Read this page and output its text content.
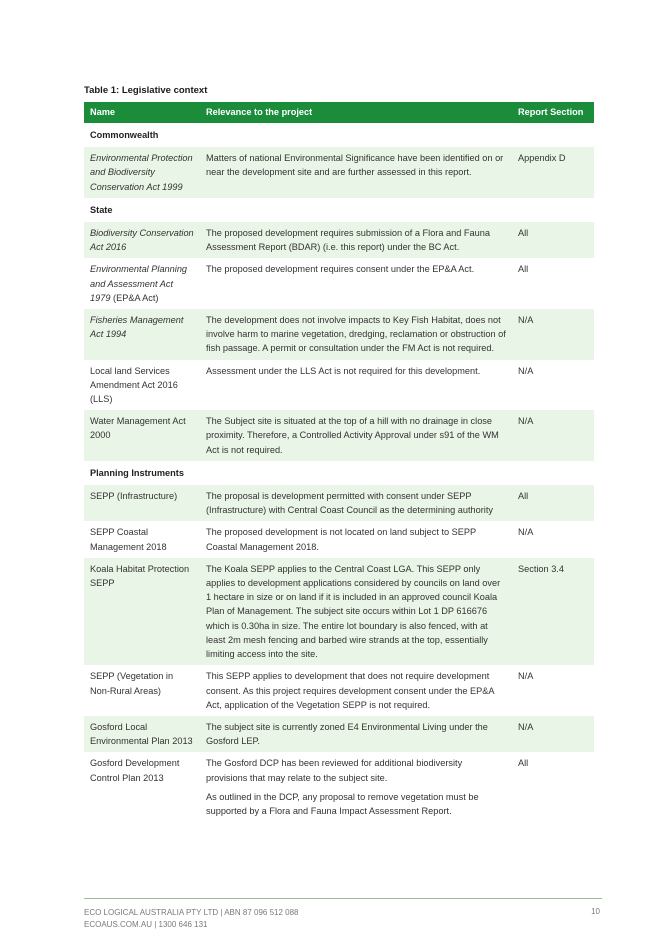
Table 1: Legislative context
Name	Relevance to the project	Report Section
Commonwealth		
Environmental Protection and Biodiversity Conservation Act 1999	Matters of national Environmental Significance have been identified on or near the development site and are further assessed in this report.	Appendix D
State		
Biodiversity Conservation Act 2016	The proposed development requires submission of a Flora and Fauna Assessment Report (BDAR) (i.e. this report) under the BC Act.	All
Environmental Planning and Assessment Act 1979 (EP&A Act)	The proposed development requires consent under the EP&A Act.	All
Fisheries Management Act 1994	The development does not involve impacts to Key Fish Habitat, does not involve harm to marine vegetation, dredging, reclamation or obstruction of fish passage. A permit or consultation under the FM Act is not required.	N/A
Local land Services Amendment Act 2016 (LLS)	Assessment under the LLS Act is not required for this development.	N/A
Water Management Act 2000	The Subject site is situated at the top of a hill with no drainage in close proximity. Therefore, a Controlled Activity Approval under s91 of the WM Act is not required.	N/A
Planning Instruments		
SEPP (Infrastructure)	The proposal is development permitted with consent under SEPP (Infrastructure) with Central Coast Council as the determining authority	All
SEPP Coastal Management 2018	The proposed development is not located on land subject to SEPP Coastal Management 2018.	N/A
Koala Habitat Protection SEPP	The Koala SEPP applies to the Central Coast LGA. This SEPP only applies to development applications considered by councils on land over 1 hectare in size or on land if it is included in an approved council Koala Plan of Management. The subject site occurs within Lot 1 DP 616676 which is 0.30ha in size. The entire lot boundary is also fenced, with at least 2m mesh fencing and barbed wire strands at the top, essentially limiting access into the site.	Section 3.4
SEPP (Vegetation in Non-Rural Areas)	This SEPP applies to development that does not require development consent. As this project requires development consent under the EP&A Act, application of the Vegetation SEPP is not required.	N/A
Gosford Local Environmental Plan 2013	The subject site is currently zoned E4 Environmental Living under the Gosford LEP.	N/A
Gosford Development Control Plan 2013	The Gosford DCP has been reviewed for additional biodiversity provisions that may relate to the subject site.

As outlined in the DCP, any proposal to remove vegetation must be supported by a Flora and Fauna Impact Assessment Report.	All
ECO LOGICAL AUSTRALIA PTY LTD | ABN 87 096 512 088
ECOAUS.COM.AU | 1300 646 131
10
